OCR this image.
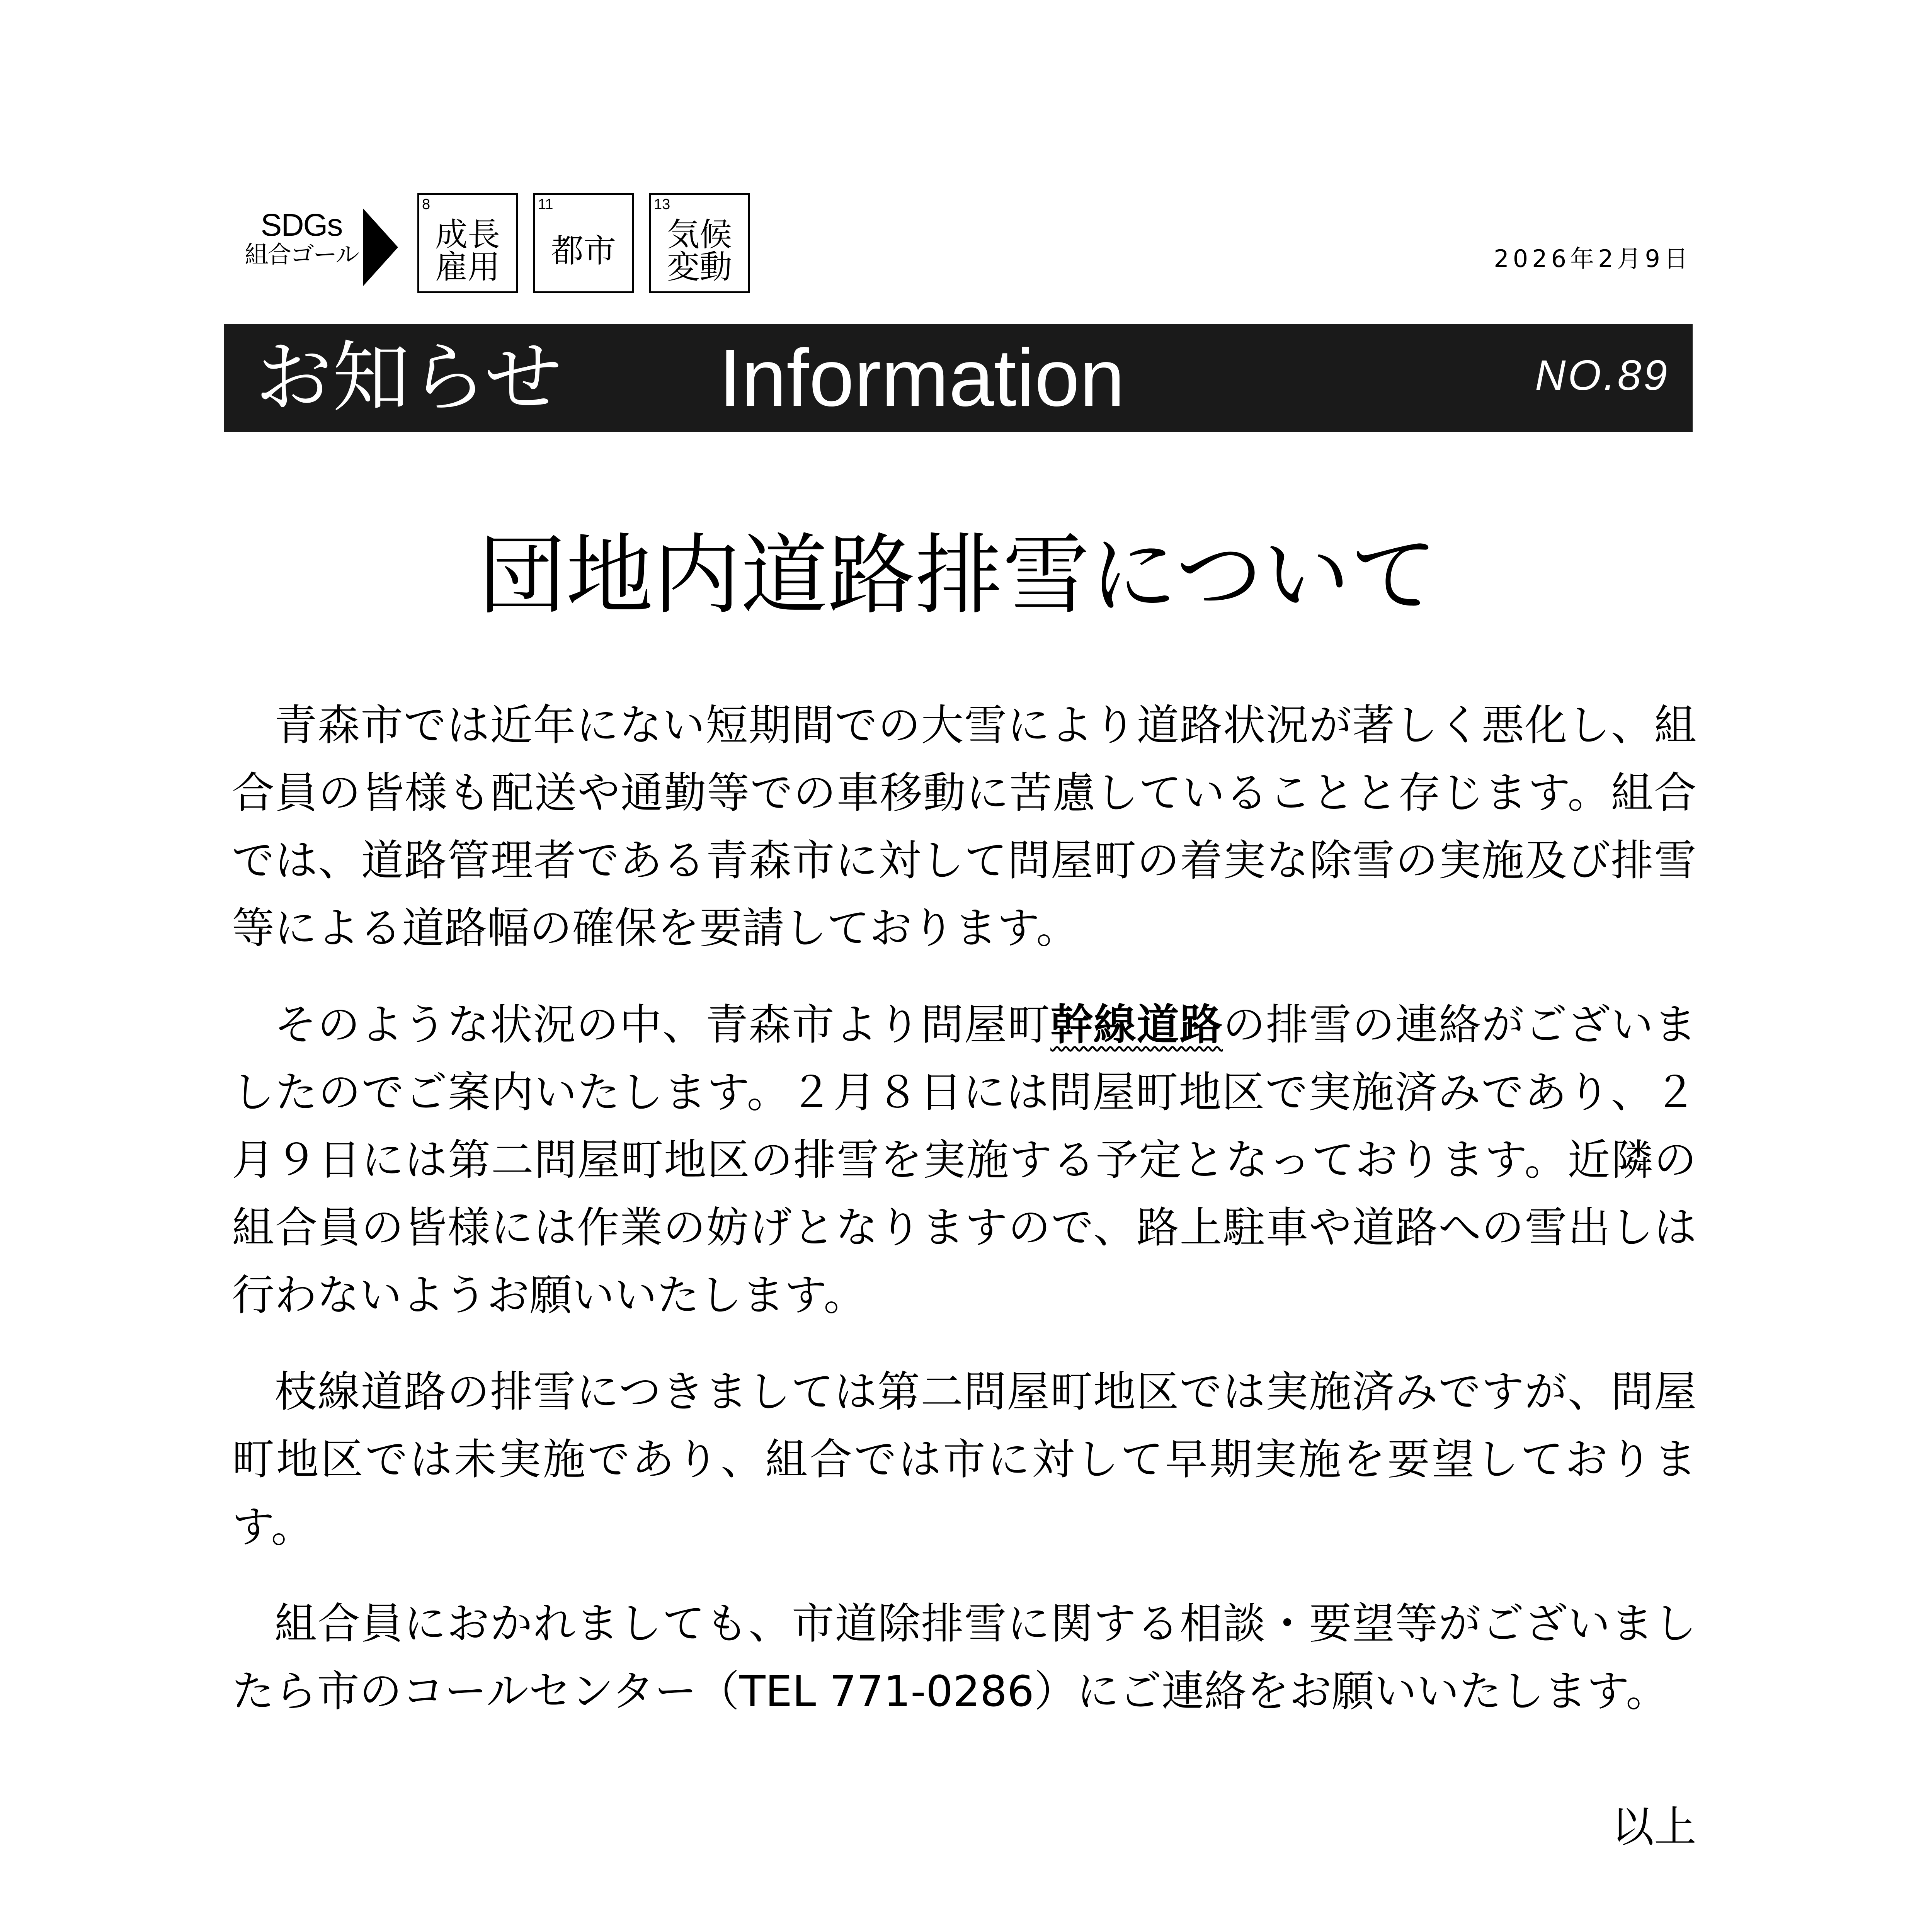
SDGs
組合ゴール
8
成長
雇用
11
都市
13
気候
変動	2026年2月9日
お知らせ Information	NO.89
団地内道路排雪について

青森市では近年にない短期間での大雪により道路状況が著しく悪化し、組合員の皆様も配送や通勤等での車移動に苦慮していることと存じます。組合では、道路管理者である青森市に対して問屋町の着実な除雪の実施及び排雪等による道路幅の確保を要請しております。

そのような状況の中、青森市より問屋町幹線道路の排雪の連絡がございましたのでご案内いたします。２月８日には問屋町地区で実施済みであり、２月９日には第二問屋町地区の排雪を実施する予定となっております。近隣の組合員の皆様には作業の妨げとなりますので、路上駐車や道路への雪出しは行わないようお願いいたします。

枝線道路の排雪につきましては第二問屋町地区では実施済みですが、問屋町地区では未実施であり、組合では市に対して早期実施を要望しております。

組合員におかれましても、市道除排雪に関する相談・要望等がございましたら市のコールセンター（TEL 771-0286）にご連絡をお願いいたします。

以上
